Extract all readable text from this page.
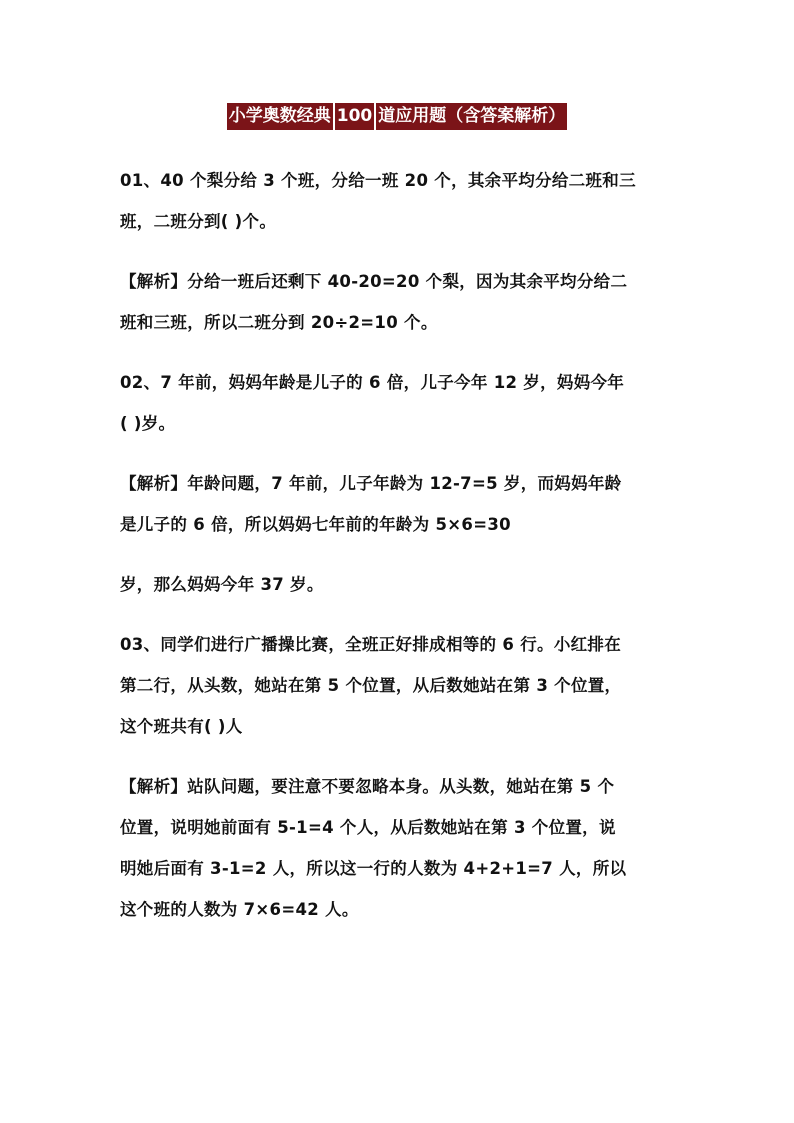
小学奥数经典 100 道应用题（含答案解析）

01、40 个梨分给 3 个班，分给一班 20 个，其余平均分给二班和三
班，二班分到( )个。

【解析】分给一班后还剩下 40-20=20 个梨，因为其余平均分给二
班和三班，所以二班分到 20÷2=10 个。

02、7 年前，妈妈年龄是儿子的 6 倍，儿子今年 12 岁，妈妈今年
( )岁。

【解析】年龄问题，7 年前，儿子年龄为 12-7=5 岁，而妈妈年龄
是儿子的 6 倍，所以妈妈七年前的年龄为 5×6=30

岁，那么妈妈今年 37 岁。

03、同学们进行广播操比赛，全班正好排成相等的 6 行。小红排在
第二行，从头数，她站在第 5 个位置，从后数她站在第 3 个位置，
这个班共有( )人

【解析】站队问题，要注意不要忽略本身。从头数，她站在第 5 个
位置，说明她前面有 5-1=4 个人，从后数她站在第 3 个位置，说
明她后面有 3-1=2 人，所以这一行的人数为 4+2+1=7 人，所以
这个班的人数为 7×6=42 人。
